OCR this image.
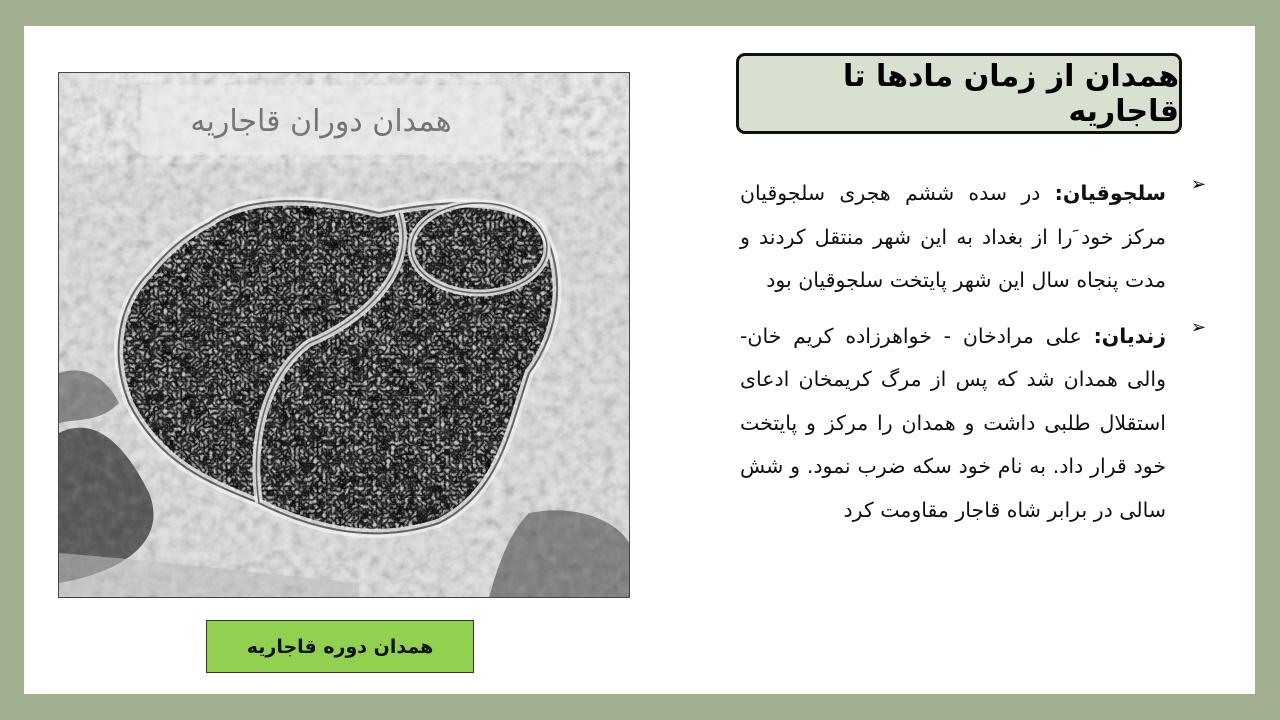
همدان دوره قاجاریه
همدان از زمان مادها تا قاجاریه
➢
سلجوقیان: در سده ششم هجری سلجوقیان مرکز خود َرا از بغداد به این شهر منتقل کردند و مدت پنجاه سال این شهر پایتخت سلجوقیان بود
➢
زندیان: علی مرادخان - خواهرزاده کریم خان- والی همدان شد که پس از مرگ کریمخان ادعای استقلال طلبی داشت و همدان را مرکز و پایتخت خود قرار داد. به نام خود سکه ضرب نمود. و شش سالی در برابر شاه قاجار مقاومت کرد
